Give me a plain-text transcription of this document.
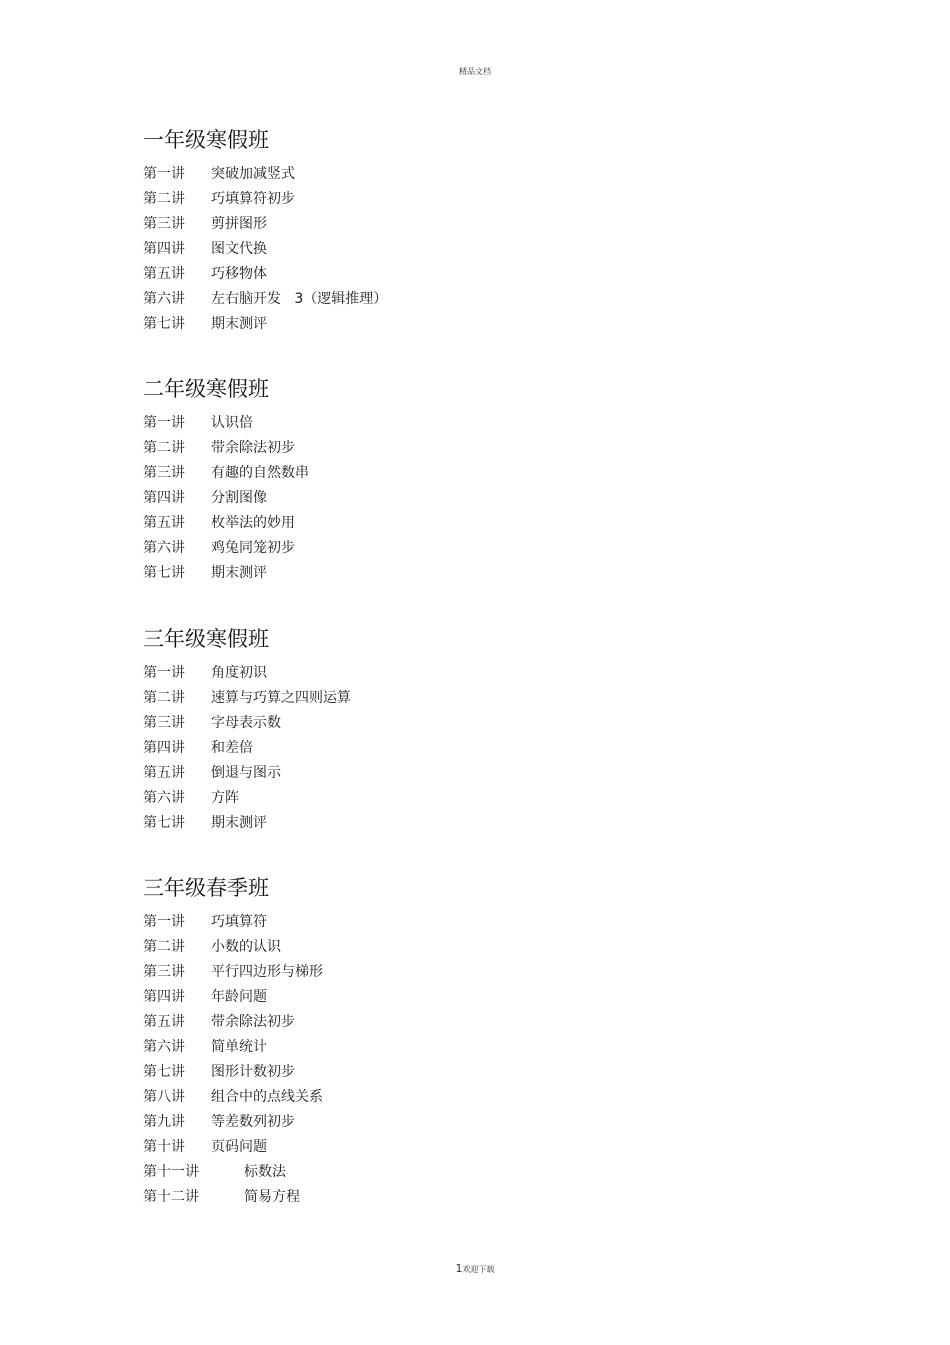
精品文档
一年级寒假班
第一讲	突破加减竖式
第二讲	巧填算符初步
第三讲	剪拼图形
第四讲	图文代换
第五讲	巧移物体
第六讲	左右脑开发   3（逻辑推理）
第七讲	期末测评
二年级寒假班
第一讲	认识倍
第二讲	带余除法初步
第三讲	有趣的自然数串
第四讲	分割图像
第五讲	枚举法的妙用
第六讲	鸡兔同笼初步
第七讲	期末测评
三年级寒假班
第一讲	角度初识
第二讲	速算与巧算之四则运算
第三讲	字母表示数
第四讲	和差倍
第五讲	倒退与图示
第六讲	方阵
第七讲	期末测评
三年级春季班
第一讲	巧填算符
第二讲	小数的认识
第三讲	平行四边形与梯形
第四讲	年龄问题
第五讲	带余除法初步
第六讲	简单统计
第七讲	图形计数初步
第八讲	组合中的点线关系
第九讲	等差数列初步
第十讲	页码问题
第十一讲	标数法
第十二讲	简易方程
1欢迎下载
